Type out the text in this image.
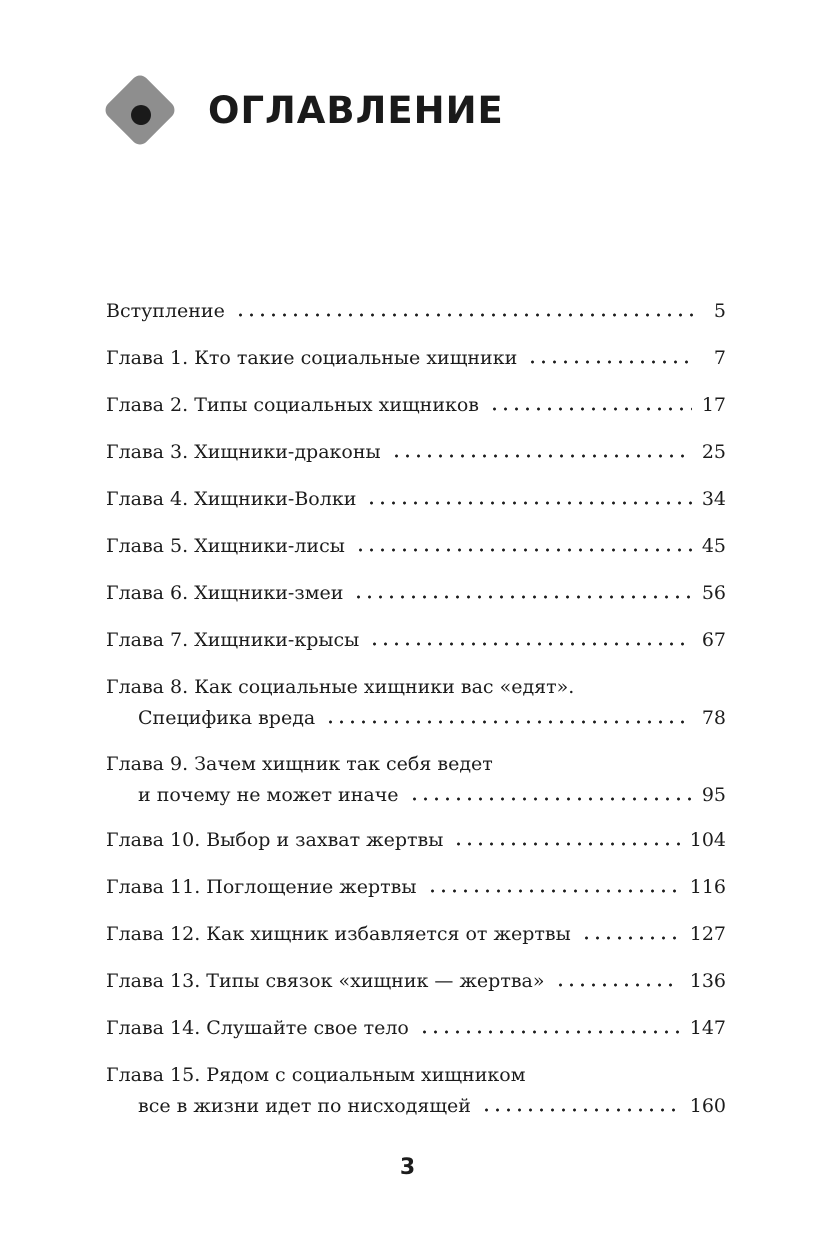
ОГЛАВЛЕНИЕ
Вступление	5
Глава 1. Кто такие социальные хищники	7
Глава 2. Типы социальных хищников	17
Глава 3. Хищники-драконы	25
Глава 4. Хищники-Волки	34
Глава 5. Хищники-лисы	45
Глава 6. Хищники-змеи	56
Глава 7. Хищники-крысы	67
Глава 8. Как социальные хищники вас «едят».
Специфика вреда	78
Глава 9. Зачем хищник так себя ведет
и почему не может иначе	95
Глава 10. Выбор и захват жертвы	104
Глава 11. Поглощение жертвы	116
Глава 12. Как хищник избавляется от жертвы	127
Глава 13. Типы связок «хищник — жертва»	136
Глава 14. Слушайте свое тело	147
Глава 15. Рядом с социальным хищником
все в жизни идет по нисходящей	160
3
